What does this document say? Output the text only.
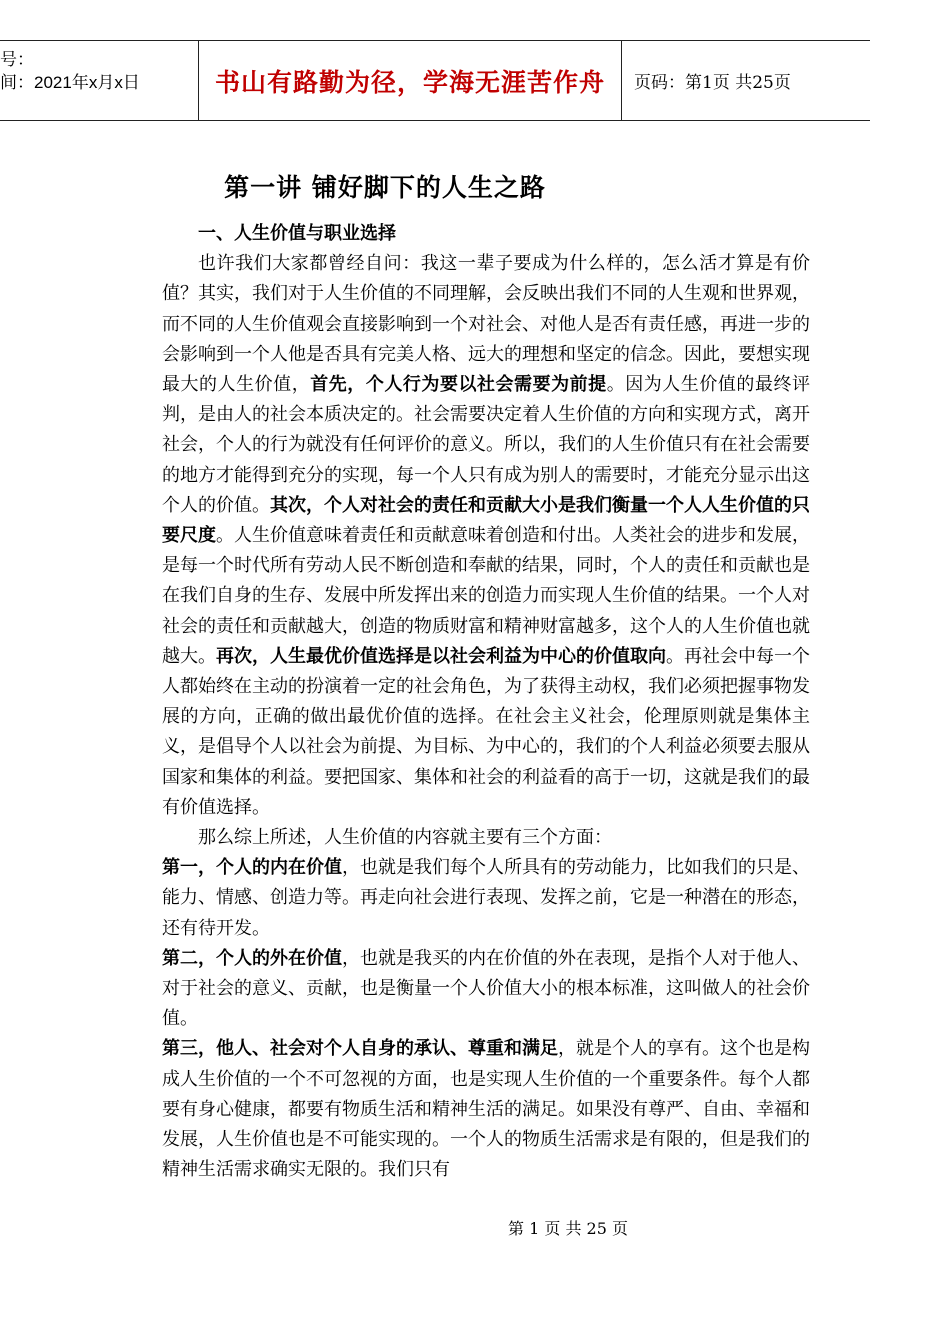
号：
间：2021年x月x日	书山有路勤为径，学海无涯苦作舟	页码：第1页 共25页
第一讲 铺好脚下的人生之路

一、人生价值与职业选择

也许我们大家都曾经自问：我这一辈子要成为什么样的，怎么活才算是有价值？其实，我们对于人生价值的不同理解，会反映出我们不同的人生观和世界观，而不同的人生价值观会直接影响到一个对社会、对他人是否有责任感，再进一步的会影响到一个人他是否具有完美人格、远大的理想和坚定的信念。因此，要想实现最大的人生价值，首先，个人行为要以社会需要为前提。因为人生价值的最终评判，是由人的社会本质决定的。社会需要决定着人生价值的方向和实现方式，离开社会，个人的行为就没有任何评价的意义。所以，我们的人生价值只有在社会需要的地方才能得到充分的实现，每一个人只有成为别人的需要时，才能充分显示出这个人的价值。其次，个人对社会的责任和贡献大小是我们衡量一个人人生价值的只要尺度。人生价值意味着责任和贡献意味着创造和付出。人类社会的进步和发展，是每一个时代所有劳动人民不断创造和奉献的结果，同时，个人的责任和贡献也是在我们自身的生存、发展中所发挥出来的创造力而实现人生价值的结果。一个人对社会的责任和贡献越大，创造的物质财富和精神财富越多，这个人的人生价值也就越大。再次，人生最优价值选择是以社会利益为中心的价值取向。再社会中每一个人都始终在主动的扮演着一定的社会角色，为了获得主动权，我们必须把握事物发展的方向，正确的做出最优价值的选择。在社会主义社会，伦理原则就是集体主义，是倡导个人以社会为前提、为目标、为中心的，我们的个人利益必须要去服从国家和集体的利益。要把国家、集体和社会的利益看的高于一切，这就是我们的最有价值选择。

那么综上所述，人生价值的内容就主要有三个方面：

第一，个人的内在价值，也就是我们每个人所具有的劳动能力，比如我们的只是、能力、情感、创造力等。再走向社会进行表现、发挥之前，它是一种潜在的形态，还有待开发。

第二，个人的外在价值，也就是我买的内在价值的外在表现，是指个人对于他人、对于社会的意义、贡献，也是衡量一个人价值大小的根本标准，这叫做人的社会价值。

第三，他人、社会对个人自身的承认、尊重和满足，就是个人的享有。这个也是构成人生价值的一个不可忽视的方面，也是实现人生价值的一个重要条件。每个人都要有身心健康，都要有物质生活和精神生活的满足。如果没有尊严、自由、幸福和发展，人生价值也是不可能实现的。一个人的物质生活需求是有限的，但是我们的精神生活需求确实无限的。我们只有

第 1 页 共 25 页
